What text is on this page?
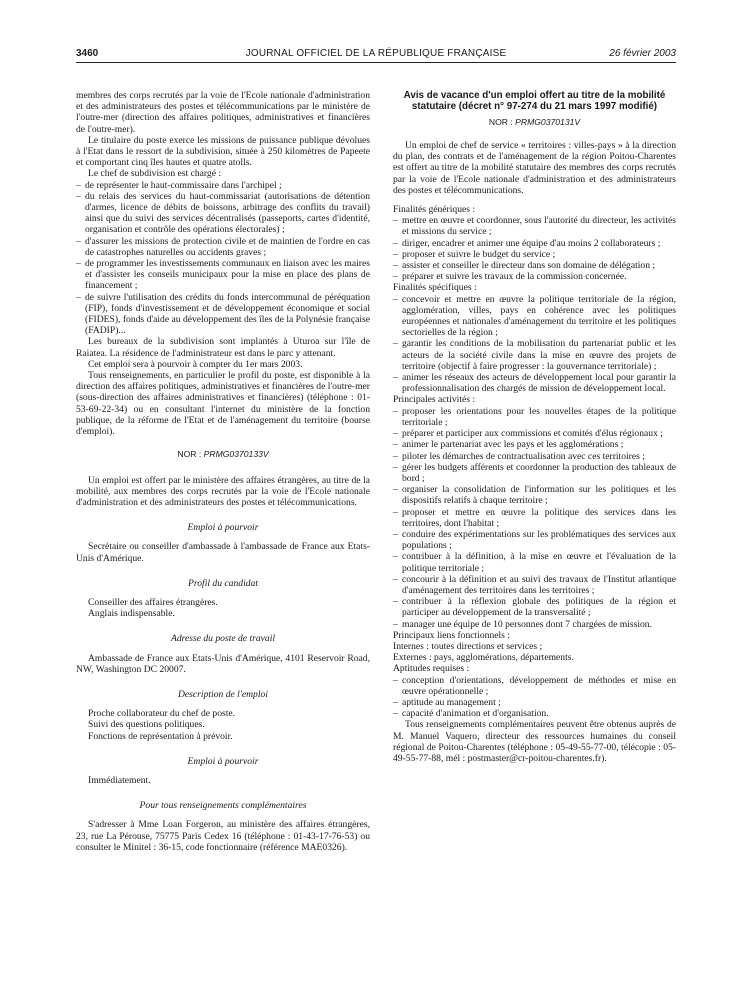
3460	JOURNAL OFFICIEL DE LA RÉPUBLIQUE FRANÇAISE	26 février 2003

membres des corps recrutés par la voie de l'Ecole nationale d'administration et des administrateurs des postes et télécommunications par le ministère de l'outre-mer (direction des affaires politiques, administratives et financières de l'outre-mer).

Le titulaire du poste exerce les missions de puissance publique dévolues à l'Etat dans le ressort de la subdivision, située à 250 kilomètres de Papeete et comportant cinq îles hautes et quatre atolls.

Le chef de subdivision est chargé :

– de représenter le haut-commissaire dans l'archipel ;
– du relais des services du haut-commissariat (autorisations de détention d'armes, licence de débits de boissons, arbitrage des conflits du travail) ainsi que du suivi des services décentralisés (passeports, cartes d'identité, organisation et contrôle des opérations électorales) ;
– d'assurer les missions de protection civile et de maintien de l'ordre en cas de catastrophes naturelles ou accidents graves ;
– de programmer les investissements communaux en liaison avec les maires et d'assister les conseils municipaux pour la mise en place des plans de financement ;
– de suivre l'utilisation des crédits du fonds intercommunal de péréquation (FIP), fonds d'investissement et de développement économique et social (FIDES), fonds d'aide au développement des îles de la Polynésie française (FADIP)...

Les bureaux de la subdivision sont implantés à Uturoa sur l'île de Raiatea. La résidence de l'administrateur est dans le parc y attenant.

Cet emploi sera à pourvoir à compter du 1er mars 2003.

Tous renseignements, en particulier le profil du poste, est disponible à la direction des affaires politiques, administratives et financières de l'outre-mer (sous-direction des affaires administratives et financières) (téléphone : 01-53-69-22-34) ou en consultant l'internet du ministère de la fonction publique, de la réforme de l'Etat et de l'aménagement du territoire (bourse d'emploi).

NOR : PRMG0370133V

Un emploi est offert par le ministère des affaires étrangères, au titre de la mobilité, aux membres des corps recrutés par la voie de l'Ecole nationale d'administration et des administrateurs des postes et télécommunications.

Emploi à pourvoir

Secrétaire ou conseiller d'ambassade à l'ambassade de France aux Etats-Unis d'Amérique.

Profil du candidat

Conseiller des affaires étrangères.

Anglais indispensable.

Adresse du poste de travail

Ambassade de France aux Etats-Unis d'Amérique, 4101 Reservoir Road, NW, Washington DC 20007.

Description de l'emploi

Proche collaborateur du chef de poste.

Suivi des questions politiques.

Fonctions de représentation à prévoir.

Emploi à pourvoir

Immédiatement.

Pour tous renseignements complémentaires

S'adresser à Mme Loan Forgeron, au ministère des affaires étrangères, 23, rue La Pérouse, 75775 Paris Cedex 16 (téléphone : 01-43-17-76-53) ou consulter le Minitel : 36-15, code fonctionnaire (référence MAE0326).

Avis de vacance d'un emploi offert au titre de la mobilité statutaire (décret n° 97-274 du 21 mars 1997 modifié)

NOR : PRMG0370131V

Un emploi de chef de service « territoires : villes-pays » à la direction du plan, des contrats et de l'aménagement de la région Poitou-Charentes est offert au titre de la mobilité statutaire des membres des corps recrutés par la voie de l'Ecole nationale d'administration et des administrateurs des postes et télécommunications.

Finalités génériques :

– mettre en œuvre et coordonner, sous l'autorité du directeur, les activités et missions du service ;
– diriger, encadrer et animer une équipe d'au moins 2 collaborateurs ;
– proposer et suivre le budget du service ;
– assister et conseiller le directeur dans son domaine de délégation ;
– préparer et suivre les travaux de la commission concernée.

Finalités spécifiques :

– concevoir et mettre en œuvre la politique territoriale de la région, agglomération, villes, pays en cohérence avec les politiques européennes et nationales d'aménagement du territoire et les politiques sectorielles de la région ;
– garantir les conditions de la mobilisation du partenariat public et les acteurs de la société civile dans la mise en œuvre des projets de territoire (objectif à faire progresser : la gouvernance territoriale) ;
– animer les réseaux des acteurs de développement local pour garantir la professionnalisation des chargés de mission de développement local.

Principales activités :

– proposer les orientations pour les nouvelles étapes de la politique territoriale ;
– préparer et participer aux commissions et comités d'élus régionaux ;
– animer le partenariat avec les pays et les agglomérations ;
– piloter les démarches de contractualisation avec ces territoires ;
– gérer les budgets afférents et coordonner la production des tableaux de bord ;
– organiser la consolidation de l'information sur les politiques et les dispositifs relatifs à chaque territoire ;
– proposer et mettre en œuvre la politique des services dans les territoires, dont l'habitat ;
– conduire des expérimentations sur les problématiques des services aux populations ;
– contribuer à la définition, à la mise en œuvre et l'évaluation de la politique territoriale ;
– concourir à la définition et au suivi des travaux de l'Institut atlantique d'aménagement des territoires dans les territoires ;
– contribuer à la réflexion globale des politiques de la région et participer au développement de la transversalité ;
– manager une équipe de 10 personnes dont 7 chargées de mission.

Principaux liens fonctionnels :

Internes : toutes directions et services ;

Externes : pays, agglomérations, départements.

Aptitudes requises :

– conception d'orientations, développement de méthodes et mise en œuvre opérationnelle ;
– aptitude au management ;
– capacité d'animation et d'organisation.

Tous renseignements complémentaires peuvent être obtenus auprès de M. Manuel Vaquero, directeur des ressources humaines du conseil régional de Poitou-Charentes (téléphone : 05-49-55-77-00, télécopie : 05-49-55-77-88, mél : postmaster@cr-poitou-charentes.fr).
